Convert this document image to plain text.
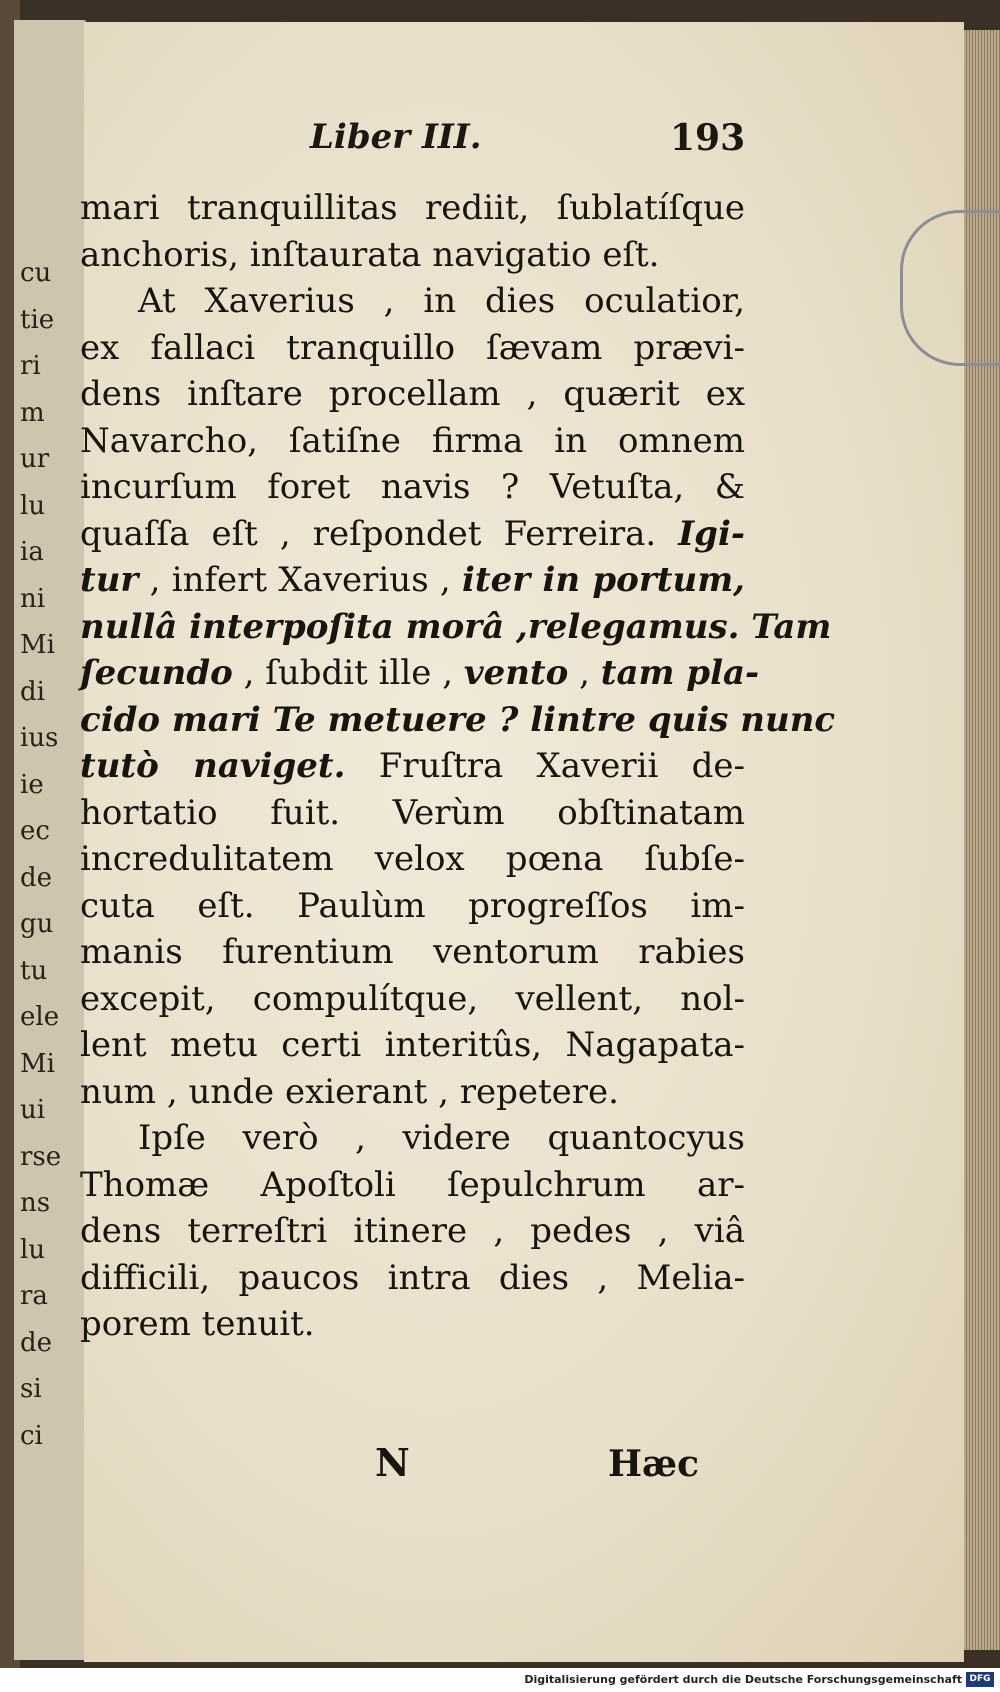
cu
tie
ri
m
ur
lu
ia
ni
Mi
di
ius
ie
ec
de
gu
tu
ele
Mi
ui
rse
ns
lu
ra
de
si
ci
Liber III.	193
mari tranquillitas rediit, ſublatíſque
anchoris, inſtaurata navigatio eſt.
At Xaverius , in dies oculatior,
ex fallaci tranquillo ſævam prævi-
dens inſtare procellam , quærit ex
Navarcho, ſatiſne firma in omnem
incurſum foret navis ? Vetuſta, &
quaſſa eſt , reſpondet Ferreira. Igi-
tur , infert Xaverius , iter in portum,
nullâ interpoſita morâ ,relegamus. Tam
ſecundo , ſubdit ille , vento , tam pla-
cido mari Te metuere ? lintre quis nunc
tutò naviget. Fruſtra Xaverii de-
hortatio fuit. Verùm obſtinatam
incredulitatem velox pœna ſubſe-
cuta eſt. Paulùm progreſſos im-
manis furentium ventorum rabies
excepit, compulítque, vellent, nol-
lent metu certi interitûs, Nagapata-
num , unde exierant , repetere.
Ipſe verò , videre quantocyus
Thomæ Apoſtoli ſepulchrum ar-
dens terreſtri itinere , pedes , viâ
difficili, paucos intra dies , Melia-
porem tenuit.
N	Hæc
Digitalisierung gefördert durch die Deutsche Forschungsgemeinschaft DFG
